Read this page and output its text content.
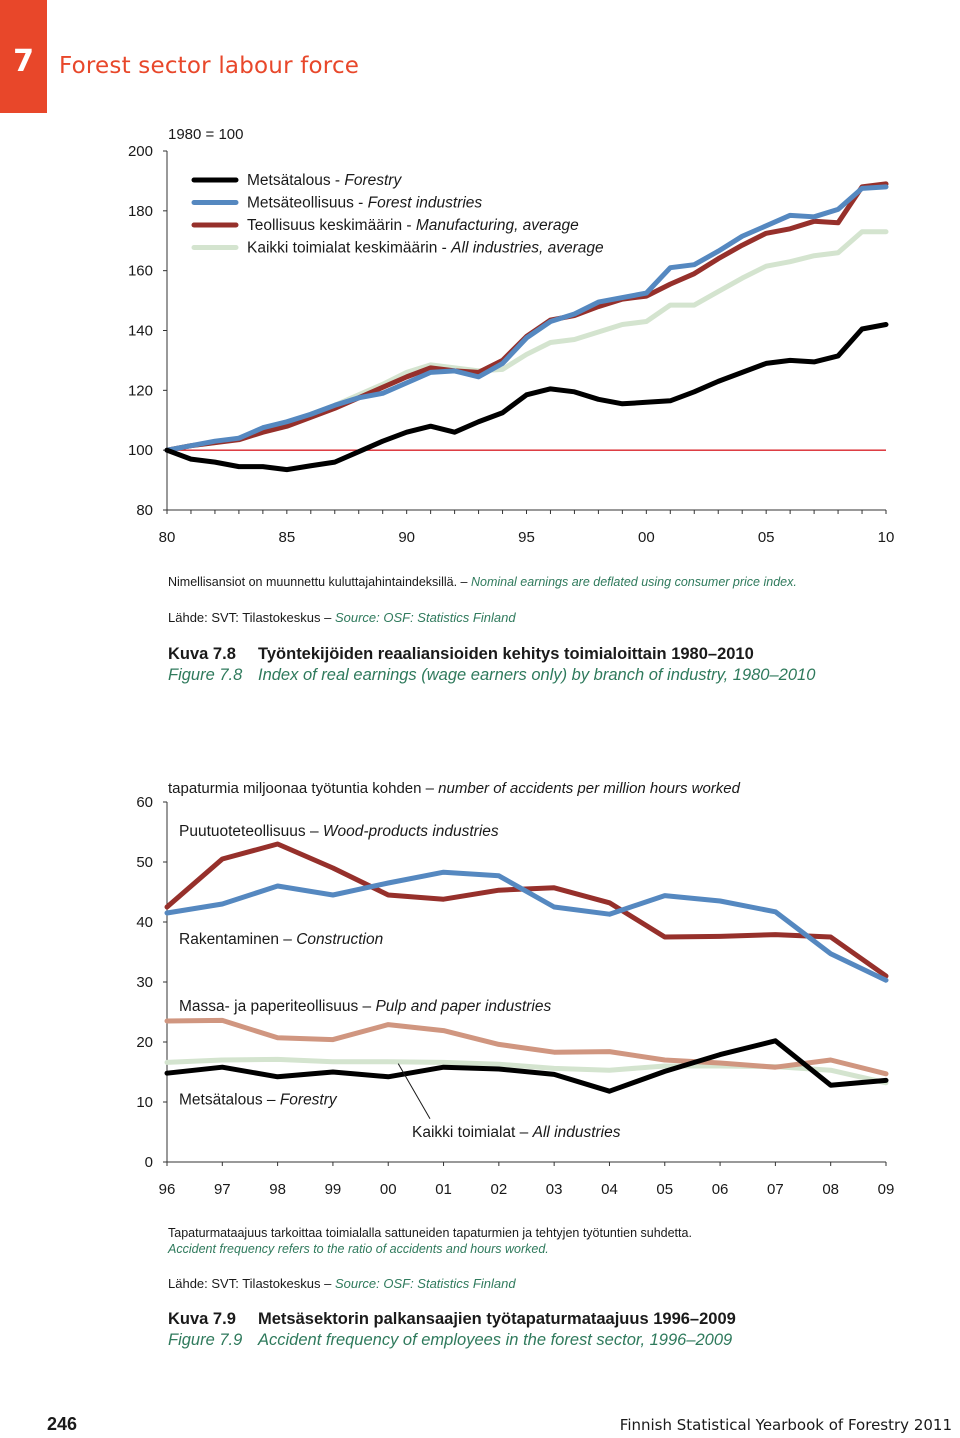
7	Forest sector labour force
1980 = 100
Metsätalous - Forestry
Metsäteollisuus - Forest industries
Teollisuus keskimäärin - Manufacturing, average
Kaikki toimialat keskimäärin - All industries, average
80
100
120
140
160
180
200
80	85	90	95	00	05	10
Nimellisansiot on muunnettu kuluttajahintaindeksillä. – Nominal earnings are deflated using consumer price index.
Lähde: SVT: Tilastokeskus – Source: OSF: Statistics Finland
Kuva 7.8 Työntekijöiden reaaliansioiden kehitys toimialoittain 1980–2010
Figure 7.8 Index of real earnings (wage earners only) by branch of industry, 1980–2010
tapaturmia miljoonaa työtuntia kohden – number of accidents per million hours worked
0
10
20
30
40
50
60
96	97	98	99	00	01	02	03	04	05	06	07	08	09
Puutuoteteollisuus – Wood-products industries
Rakentaminen – Construction
Massa- ja paperiteollisuus – Pulp and paper industries
Kaikki toimialat – All industries
Metsätalous – Forestry
Tapaturmataajuus tarkoittaa toimialalla sattuneiden tapaturmien ja tehtyjen työtuntien suhdetta.
Accident frequency refers to the ratio of accidents and hours worked.
Lähde: SVT: Tilastokeskus – Source: OSF: Statistics Finland
Kuva 7.9 Metsäsektorin palkansaajien työtapaturmataajuus 1996–2009
Figure 7.9 Accident frequency of employees in the forest sector, 1996–2009
246	Finnish Statistical Yearbook of Forestry 2011
